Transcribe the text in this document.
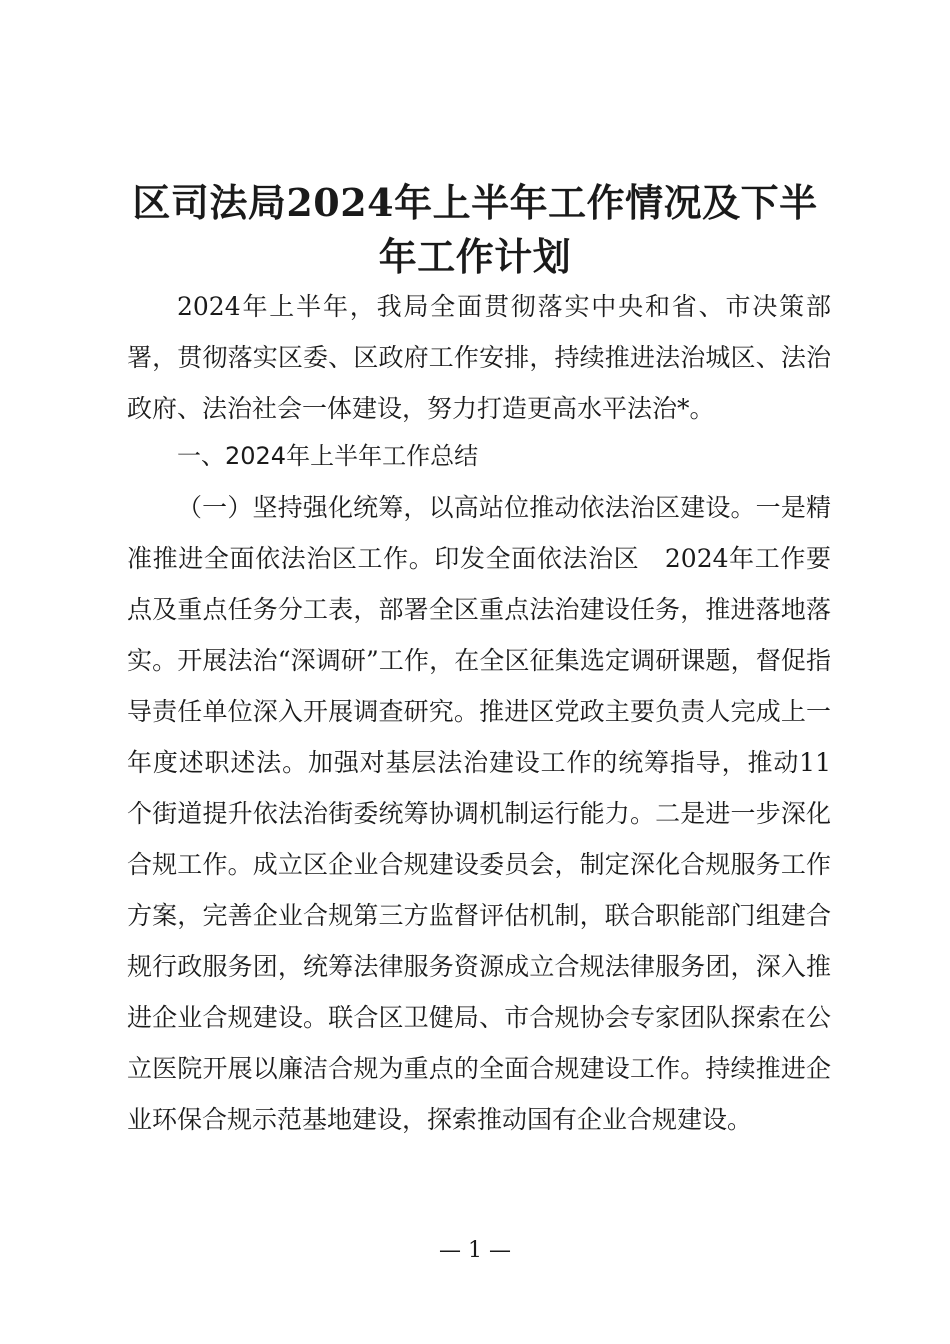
区司法局2024年上半年工作情况及下半年工作计划

2024年上半年，我局全面贯彻落实中央和省、市决策部署，贯彻落实区委、区政府工作安排，持续推进法治城区、法治政府、法治社会一体建设，努力打造更高水平法治*。

一、2024年上半年工作总结

（一）坚持强化统筹，以高站位推动依法治区建设。一是精准推进全面依法治区工作。印发全面依法治区　2024年工作要点及重点任务分工表，部署全区重点法治建设任务，推进落地落实。开展法治“深调研”工作，在全区征集选定调研课题，督促指导责任单位深入开展调查研究。推进区党政主要负责人完成上一年度述职述法。加强对基层法治建设工作的统筹指导，推动11个街道提升依法治街委统筹协调机制运行能力。二是进一步深化合规工作。成立区企业合规建设委员会，制定深化合规服务工作方案，完善企业合规第三方监督评估机制，联合职能部门组建合规行政服务团，统筹法律服务资源成立合规法律服务团，深入推进企业合规建设。联合区卫健局、市合规协会专家团队探索在公立医院开展以廉洁合规为重点的全面合规建设工作。持续推进企业环保合规示范基地建设，探索推动国有企业合规建设。

— 1 —
